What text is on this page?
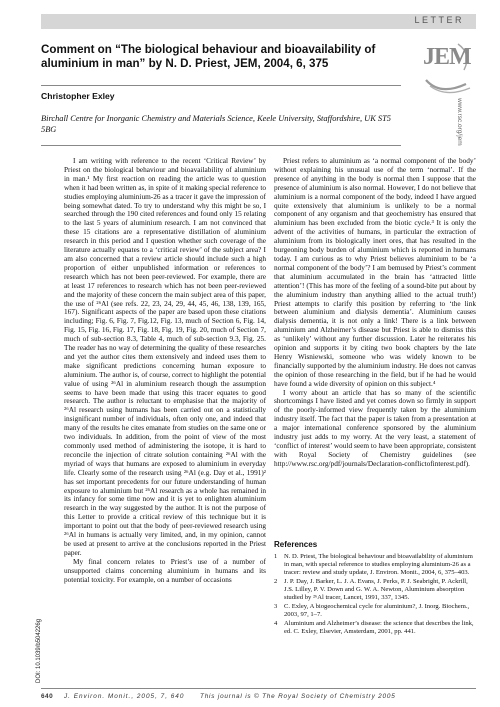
LETTER
Comment on “The biological behaviour and bioavailability of aluminium in man” by N. D. Priest, JEM, 2004, 6, 375	JEM
www.rsc.org/jem
Christopher Exley
Birchall Centre for Inorganic Chemistry and Materials Science, Keele University, Staffordshire, UK ST5 5BG

I am writing with reference to the recent ‘Critical Review’ by Priest on the biological behaviour and bioavailability of aluminium in man.¹ My first reaction on reading the article was to question when it had been written as, in spite of it making special reference to studies employing aluminium-26 as a tracer it gave the impression of being somewhat dated. To try to understand why this might be so, I searched through the 190 cited references and found only 15 relating to the last 5 years of aluminium research. I am not convinced that these 15 citations are a representative distillation of aluminium research in this period and I question whether such coverage of the literature actually equates to a ‘critical review’ of the subject area? I am also concerned that a review article should include such a high proportion of either unpublished information or references to research which has not been peer-reviewed. For example, there are at least 17 references to research which has not been peer-reviewed and the majority of these concern the main subject area of this paper, the use of ²⁶Al (see refs. 22, 23, 24, 29, 44, 45, 46, 138, 139, 165, 167). Significant aspects of the paper are based upon these citations including; Fig. 6, Fig. 7, Fig.12, Fig. 13, much of Section 6, Fig. 14, Fig. 15, Fig. 16, Fig. 17, Fig. 18, Fig. 19, Fig. 20, much of Section 7, much of sub-section 8.3, Table 4, much of sub-section 9.3, Fig. 25. The reader has no way of determining the quality of these researches and yet the author cites them extensively and indeed uses them to make significant predictions concerning human exposure to aluminium. The author is, of course, correct to highlight the potential value of using ²⁶Al in aluminium research though the assumption seems to have been made that using this tracer equates to good research. The author is reluctant to emphasise that the majority of ²⁶Al research using humans has been carried out on a statistically insignificant number of individuals, often only one, and indeed that many of the results he cites emanate from studies on the same one or two individuals. In addition, from the point of view of the most commonly used method of administering the isotope, it is hard to reconcile the injection of citrate solution containing ²⁶Al with the myriad of ways that humans are exposed to aluminium in everyday life. Clearly some of the research using ²⁶Al (e.g. Day et al., 1991)² has set important precedents for our future understanding of human exposure to aluminium but ²⁶Al research as a whole has remained in its infancy for some time now and it is yet to enlighten aluminium research in the way suggested by the author. It is not the purpose of this Letter to provide a critical review of this technique but it is important to point out that the body of peer-reviewed research using ²⁶Al in humans is actually very limited, and, in my opinion, cannot be used at present to arrive at the conclusions reported in the Priest paper.

My final concern relates to Priest’s use of a number of unsupported claims concerning aluminium in humans and its potential toxicity. For example, on a number of occasions

Priest refers to aluminium as ‘a normal component of the body’ without explaining his unusual use of the term ‘normal’. If the presence of anything in the body is normal then I suppose that the presence of aluminium is also normal. However, I do not believe that aluminium is a normal component of the body, indeed I have argued quite extensively that aluminium is unlikely to be a normal component of any organism and that geochemistry has ensured that aluminium has been excluded from the biotic cycle.³ It is only the advent of the activities of humans, in particular the extraction of aluminium from its biologically inert ores, that has resulted in the burgeoning body burden of aluminium which is reported in humans today. I am curious as to why Priest believes aluminium to be ‘a normal component of the body’? I am bemused by Priest’s comment that aluminium accumulated in the brain has ‘attracted little attention’! (This has more of the feeling of a sound-bite put about by the aluminium industry than anything allied to the actual truth!) Priest attempts to clarify this position by referring to ‘the link between aluminium and dialysis dementia’. Aluminium causes dialysis dementia, it is not only a link! There is a link between aluminium and Alzheimer’s disease but Priest is able to dismiss this as ‘unlikely’ without any further discussion. Later he reiterates his opinion and supports it by citing two book chapters by the late Henry Wisniewski, someone who was widely known to be financially supported by the aluminium industry. He does not canvas the opinion of those researching in the field, but if he had he would have found a wide diversity of opinion on this subject.⁴

I worry about an article that has so many of the scientific shortcomings I have listed and yet comes down so firmly in support of the poorly-informed view frequently taken by the aluminium industry itself. The fact that the paper is taken from a presentation at a major international conference sponsored by the aluminium industry just adds to my worry. At the very least, a statement of ‘conflict of interest’ would seem to have been appropriate, consistent with Royal Society of Chemistry guidelines (see http://www.rsc.org/pdf/journals/Declaration-conflictofinterest.pdf).

References
1	N. D. Priest, The biological behaviour and bioavailability of aluminium in man, with special reference to studies employing aluminium-26 as a tracer: review and study update, J. Environ. Monit., 2004, 6, 375–403.
2	J. P. Day, J. Barker, L. J. A. Evans, J. Perks, P. J. Seabright, P. Ackrill, J.S. Lilley, P. V. Down and G. W. A. Newton, Aluminium absorption studied by ²⁶Al tracer, Lancet, 1991, 337, 1345.
3	C. Exley, A biogeochemical cycle for aluminium?, J. Inorg. Biochem., 2003, 97, 1–7.
4	Aluminium and Alzheimer’s disease: the science that describes the link, ed. C. Exley, Elsevier, Amsterdam, 2001, pp. 441.
DOI: 10.1039/b504226g
640 J. Environ. Monit., 2005, 7, 640 This journal is © The Royal Society of Chemistry 2005
